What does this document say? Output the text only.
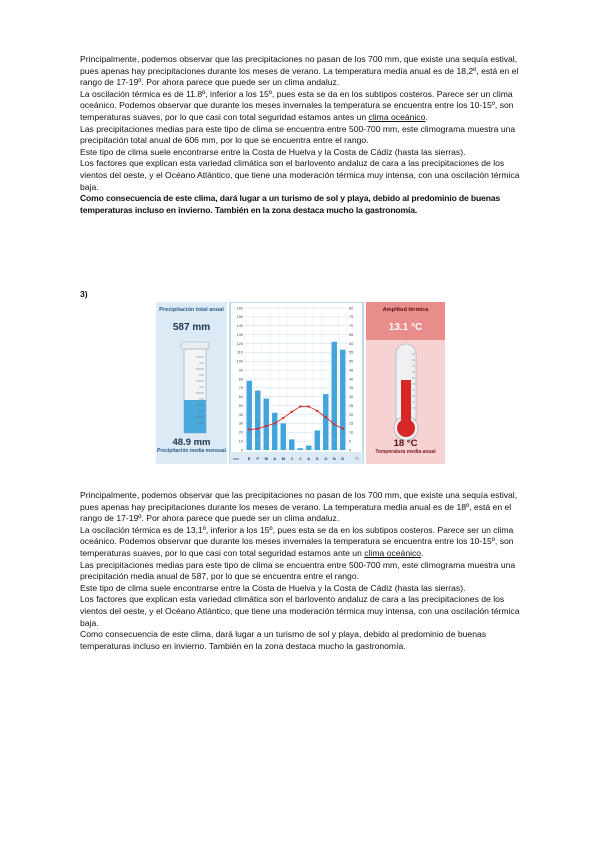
Principalmente, podemos observar que las precipitaciones no pasan de los 700 mm, que existe una sequía estival, pues apenas hay precipitaciones durante los meses de verano. La temperatura media anual es de 18,2º, está en el rango de 17-19º. Por ahora parece que puede ser un clima andaluz.

La oscilación térmica es de 11.8º, inferior a los 15º, pues esta se da en los subtipos costeros. Parece ser un clima oceánico. Podemos observar que durante los meses invernales la temperatura se encuentra entre los 10-15º, son temperaturas suaves, por lo que casi con total seguridad estamos antes un clima oceánico.

Las precipitaciones medias para este tipo de clima se encuentra entre 500-700 mm, este climograma muestra una precipitación total anual de 606 mm, por lo que se encuentra entre el rango.

Este tipo de clima suele encontrarse entre la Costa de Huelva y la Costa de Cádiz (hasta las sierras).

Los factores que explican esta variedad climática son el barlovento andaluz de cara a las precipitaciones de los vientos del oeste, y el Océano Atlántico, que tiene una moderación térmica muy intensa, con una oscilación térmica baja.

Como consecuencia de este clima, dará lugar a un turismo de sol y playa, debido al predominio de buenas temperaturas incluso en invierno. También en la zona destaca mucho la gastronomía.

3)
Precipitación total anual
587 mm
48.9 mm
Precipitación media mensual	0
10
20
30
40
50
60
70
80
90
100
110
120
130
140
150
160
0
5
10
15
20
25
30
35
40
45
50
55
60
65
70
75
80
E F M A M J J A S O N D
mm	°C
Amplitud térmica
13.1 °C
18 °C
Temperatura media anual

Principalmente, podemos observar que las precipitaciones no pasan de los 700 mm, que existe una sequía estival, pues apenas hay precipitaciones durante los meses de verano. La temperatura media anual es de 18º, está en el rango de 17-19º. Por ahora parece que puede ser un clima andaluz.

La oscilación térmica es de 13,1º, inferior a los 15º, pues esta se da en los subtipos costeros. Parece ser un clima oceánico. Podemos observar que durante los meses invernales la temperatura se encuentra entre los 10-15º, son temperaturas suaves, por lo que casi con total seguridad estamos ante un clima oceánico.

Las precipitaciones medias para este tipo de clima se encuentra entre 500-700 mm, este climograma muestra una precipitación media anual de 587, por lo que se encuentra entre el rango.

Este tipo de clima suele encontrarse entre la Costa de Huelva y la Costa de Cádiz (hasta las sierras).

Los factores que explican esta variedad climática son el barlovento andaluz de cara a las precipitaciones de los vientos del oeste, y el Océano Atlántico, que tiene una moderación térmica muy intensa, con una oscilación térmica baja.

Como consecuencia de este clima, dará lugar a un turismo de sol y playa, debido al predominio de buenas temperaturas incluso en invierno. También en la zona destaca mucho la gastronomía.
